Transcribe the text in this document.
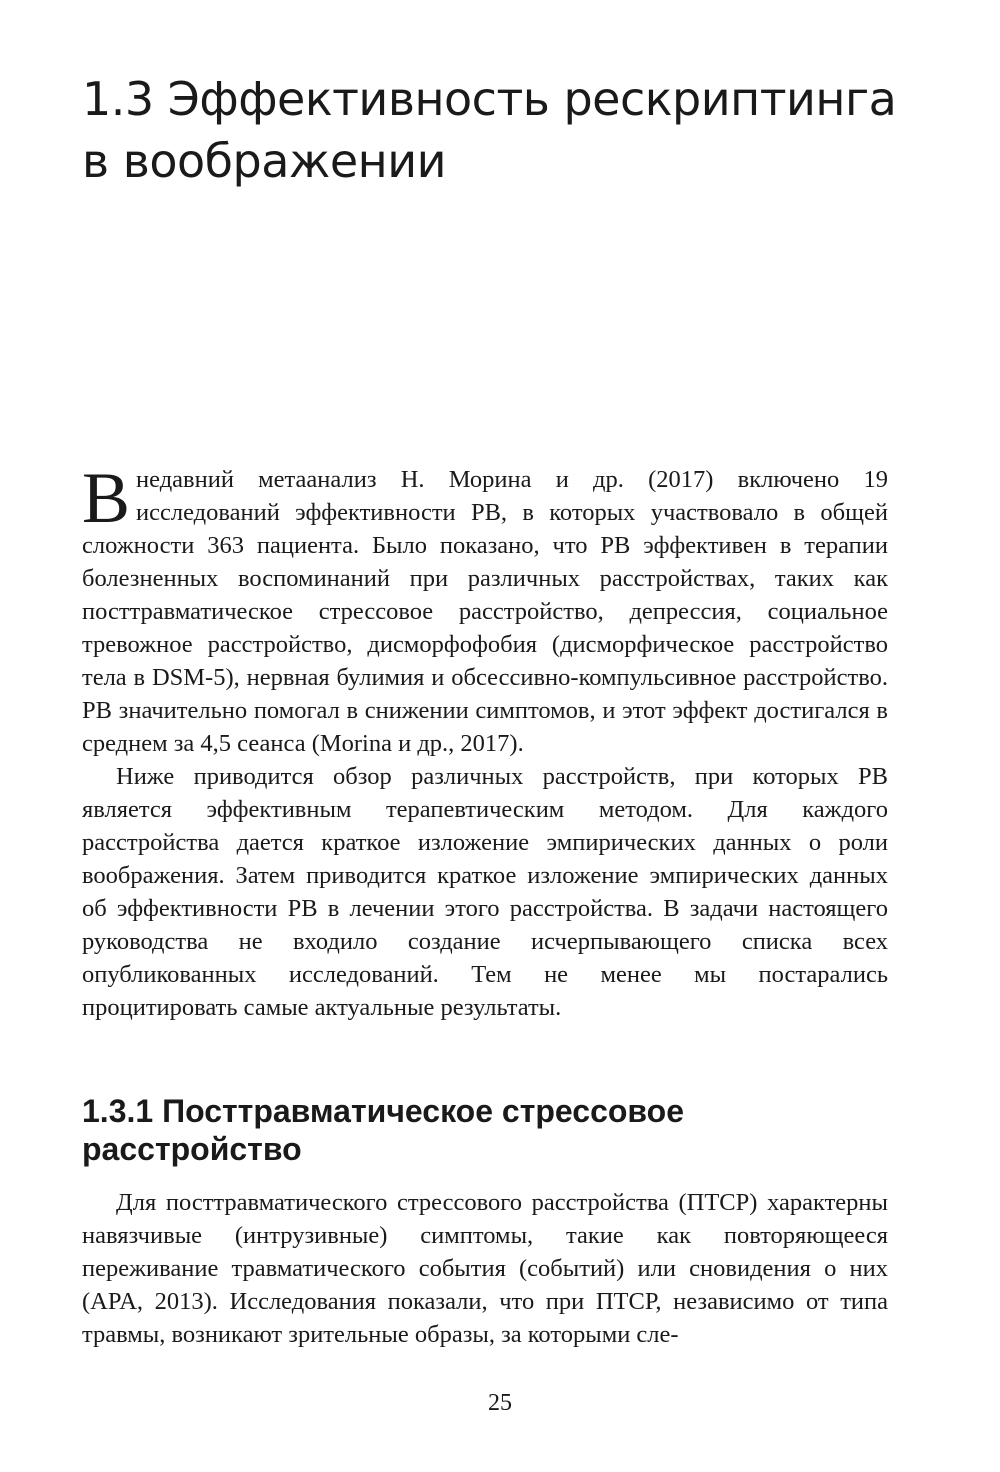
1.3 Эффективность рескриптинга в воображении

Внедавний метаанализ Н. Морина и др. (2017) включено 19 исследований эффективности РВ, в которых участвовало в общей сложности 363 пациента. Было показано, что РВ эффективен в терапии болезненных воспоминаний при различных расстройствах, таких как посттравматическое стрессовое расстройство, депрессия, социальное тревожное расстройство, дисморфофобия (дисморфическое расстройство тела в DSM-5), нервная булимия и обсессивно-компульсивное расстройство. РВ значительно помогал в снижении симптомов, и этот эффект достигался в среднем за 4,5 сеанса (Morina и др., 2017).

Ниже приводится обзор различных расстройств, при которых РВ является эффективным терапевтическим методом. Для каждого расстройства дается краткое изложение эмпирических данных о роли воображения. Затем приводится краткое изложение эмпирических данных об эффективности РВ в лечении этого расстройства. В задачи настоящего руководства не входило создание исчерпывающего списка всех опубликованных исследований. Тем не менее мы постарались процитировать самые актуальные результаты.

1.3.1 Посттравматическое стрессовое расстройство

Для посттравматического стрессового расстройства (ПТСР) характерны навязчивые (интрузивные) симптомы, такие как повторяющееся переживание травматического события (событий) или сновидения о них (APA, 2013). Исследования показали, что при ПТСР, независимо от типа травмы, возникают зрительные образы, за которыми сле-

25
